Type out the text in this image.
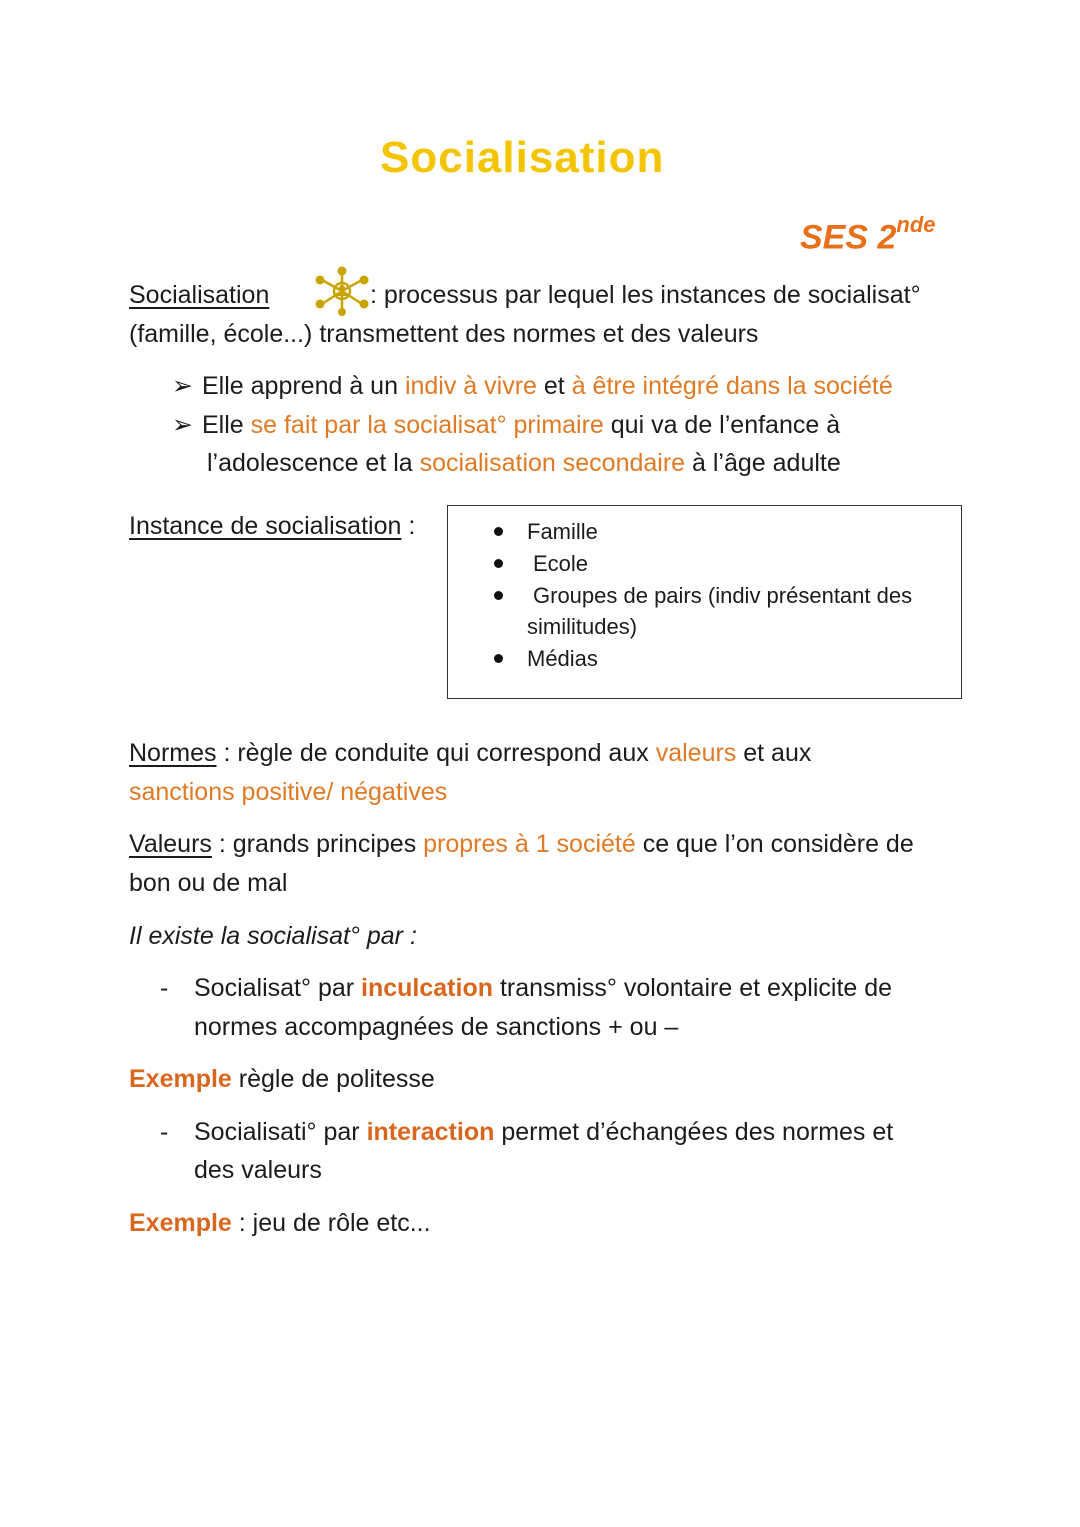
Socialisation
SES 2nde
Socialisation	: processus par lequel les instances de socialisat°
(famille, école...) transmettent des normes et des valeurs
➢ Elle apprend à un indiv à vivre et à être intégré dans la société
➢ Elle se fait par la socialisat° primaire qui va de l’enfance à
l’adolescence et la socialisation secondaire à l’âge adulte
Instance de socialisation :	Famille
Ecole
Groupes de pairs (indiv présentant des
similitudes)
Médias
Normes : règle de conduite qui correspond aux valeurs et aux
sanctions positive/ négatives
Valeurs : grands principes propres à 1 société ce que l’on considère de
bon ou de mal
Il existe la socialisat° par :
- Socialisat° par inculcation transmiss° volontaire et explicite de
normes accompagnées de sanctions + ou –
Exemple règle de politesse
- Socialisati° par interaction permet d’échangées des normes et
des valeurs
Exemple : jeu de rôle etc...
